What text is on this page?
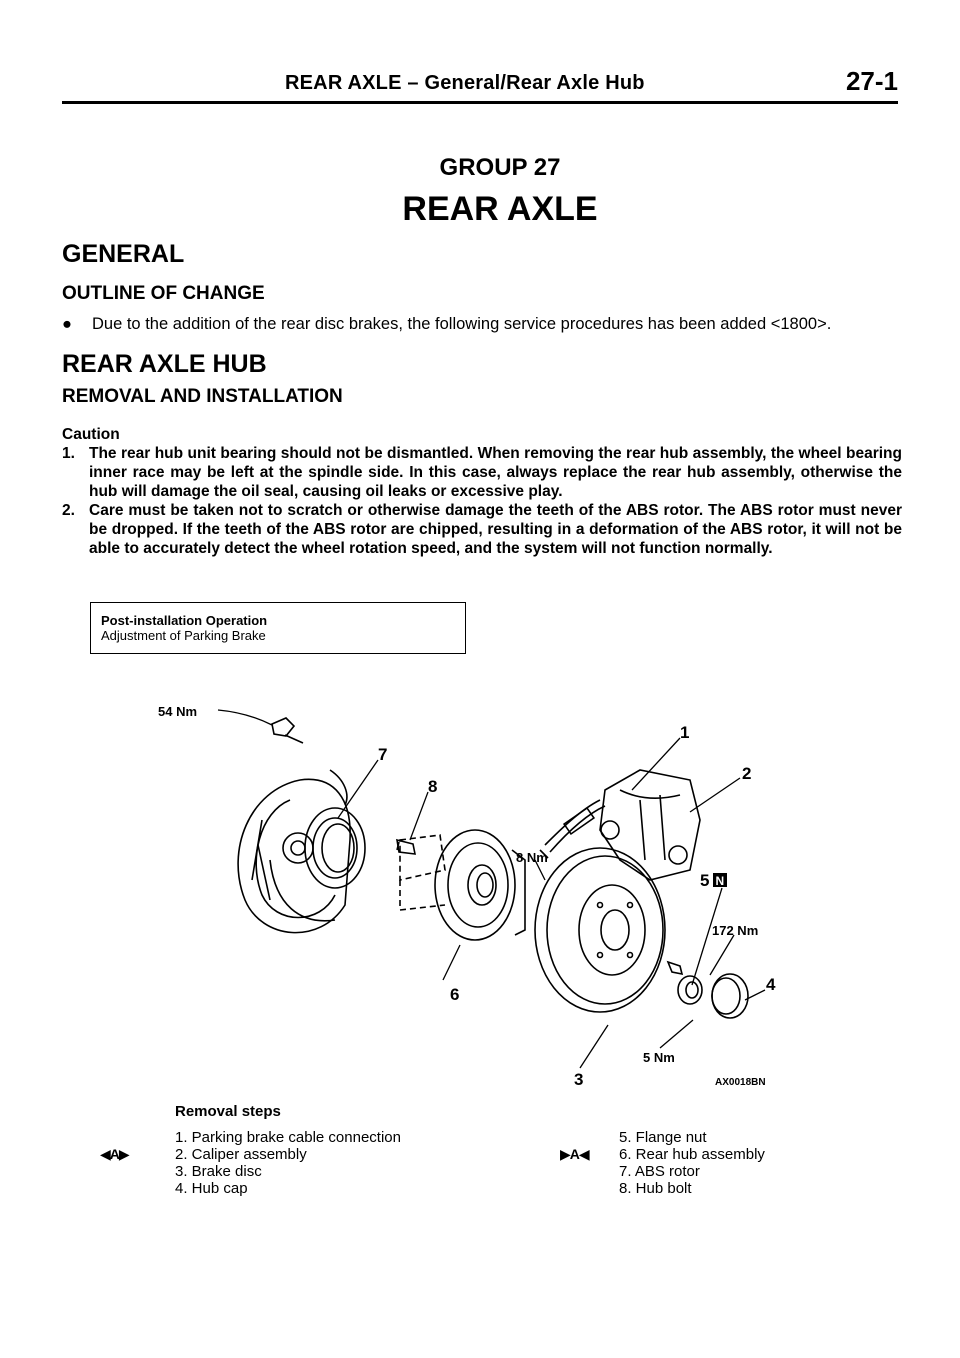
REAR AXLE – General/Rear Axle Hub	27-1
GROUP 27
REAR AXLE
GENERAL
OUTLINE OF CHANGE
● Due to the addition of the rear disc brakes, the following service procedures has been added <1800>.
REAR AXLE HUB
REMOVAL AND INSTALLATION
Caution
1. The rear hub unit bearing should not be dismantled. When removing the rear hub assembly, the wheel bearing inner race may be left at the spindle side. In this case, always replace the rear hub assembly, otherwise the hub will damage the oil seal, causing oil leaks or excessive play.
2. Care must be taken not to scratch or otherwise damage the teeth of the ABS rotor. The ABS rotor must never be dropped. If the teeth of the ABS rotor are chipped, resulting in a deformation of the ABS rotor, it will not be able to accurately detect the wheel rotation speed, and the system will not function normally.
Post-installation Operation
Adjustment of Parking Brake
54 Nm
1
2
7
8
8 Nm
5 N
172 Nm
4
6
5 Nm
3	AX0018BN
Removal steps
◀A▶
1. Parking brake cable connection
2. Caliper assembly
3. Brake disc
4. Hub cap
▶A◀
5. Flange nut
6. Rear hub assembly
7. ABS rotor
8. Hub bolt
